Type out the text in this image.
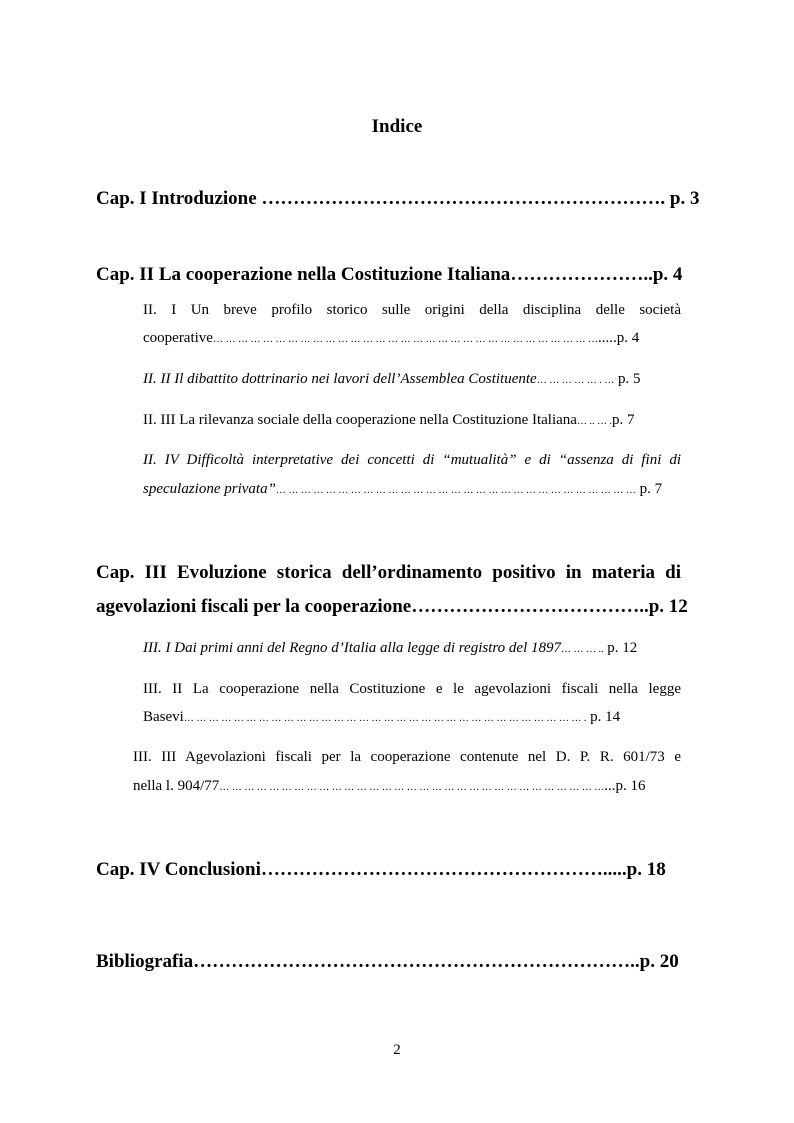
Indice
Cap. I Introduzione ………………………………………………………. p. 3
Cap. II La cooperazione nella Costituzione Italiana…………………..p. 4
II. I Un breve profilo storico sulle origini della disciplina delle società
cooperative… … … … … … … … … … … … … … … … … … … … … … … … … … … … … … ….....p. 4
II. II Il dibattito dottrinario nei lavori dell’Assemblea Costituente… … … … … . … p. 5
II. III La rilevanza sociale della cooperazione nella Costituzione Italiana… .. … .p. 7
II. IV Difficoltà interpretative dei concetti di “mutualità” e di “assenza di fini di
speculazione privata”… … … … … … … … … … … … … … … … … … … … … … … … … … … … … p. 7
Cap. III Evoluzione storica dell’ordinamento positivo in materia di
agevolazioni fiscali per la cooperazione………………………………..p. 12
III. I Dai primi anni del Regno d’Italia alla legge di registro del 1897… … … .. p. 12
III. II La cooperazione nella Costituzione e le agevolazioni fiscali nella legge
Basevi… … … … … … … … … … … … … … … … … … … … … … … … … … … … … … … … . p. 14
III. III Agevolazioni fiscali per la cooperazione contenute nel D. P. R. 601/73 e
nella l. 904/77… … … … … … … … … … … … … … … … … … … … … … … … … … … … … … …...p. 16
Cap. IV Conclusioni……………………………………………….....p. 18
Bibliografia……………………………………………………………..p. 20
2
